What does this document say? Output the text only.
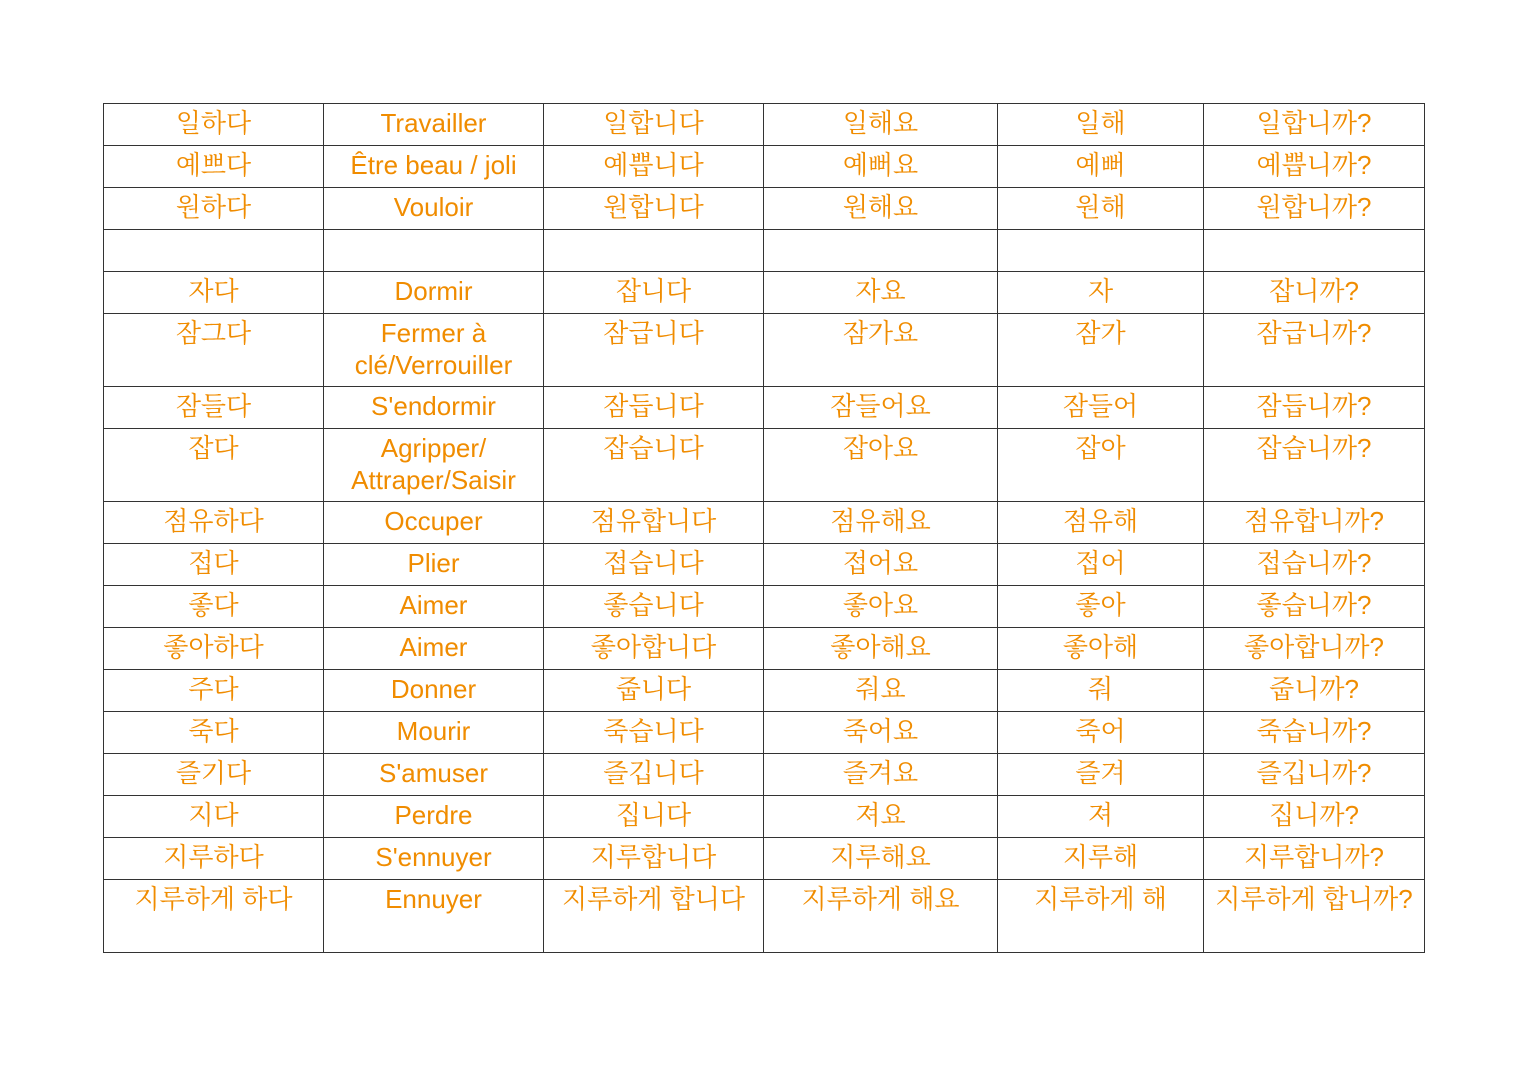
일하다	Travailler	일합니다	일해요	일해	일합니까?

예쁘다	Être beau / joli	예쁩니다	예뻐요	예뻐	예쁩니까?

원하다	Vouloir	원합니다	원해요	원해	원합니까?

자다	Dormir	잡니다	자요	자	잡니까?

잠그다	Fermer à clé/Verrouiller	잠급니다	잠가요	잠가	잠급니까?

잠들다	S'endormir	잠듭니다	잠들어요	잠들어	잠듭니까?

잡다	Agripper/ Attraper/Saisir	잡습니다	잡아요	잡아	잡습니까?

점유하다	Occuper	점유합니다	점유해요	점유해	점유합니까?

접다	Plier	접습니다	접어요	접어	접습니까?

좋다	Aimer	좋습니다	좋아요	좋아	좋습니까?

좋아하다	Aimer	좋아합니다	좋아해요	좋아해	좋아합니까?

주다	Donner	줍니다	줘요	줘	줍니까?

죽다	Mourir	죽습니다	죽어요	죽어	죽습니까?

즐기다	S'amuser	즐깁니다	즐겨요	즐겨	즐깁니까?

지다	Perdre	집니다	져요	져	집니까?

지루하다	S'ennuyer	지루합니다	지루해요	지루해	지루합니까?

지루하게 하다	Ennuyer	지루하게 합니다	지루하게 해요	지루하게 해	지루하게 합니까?
